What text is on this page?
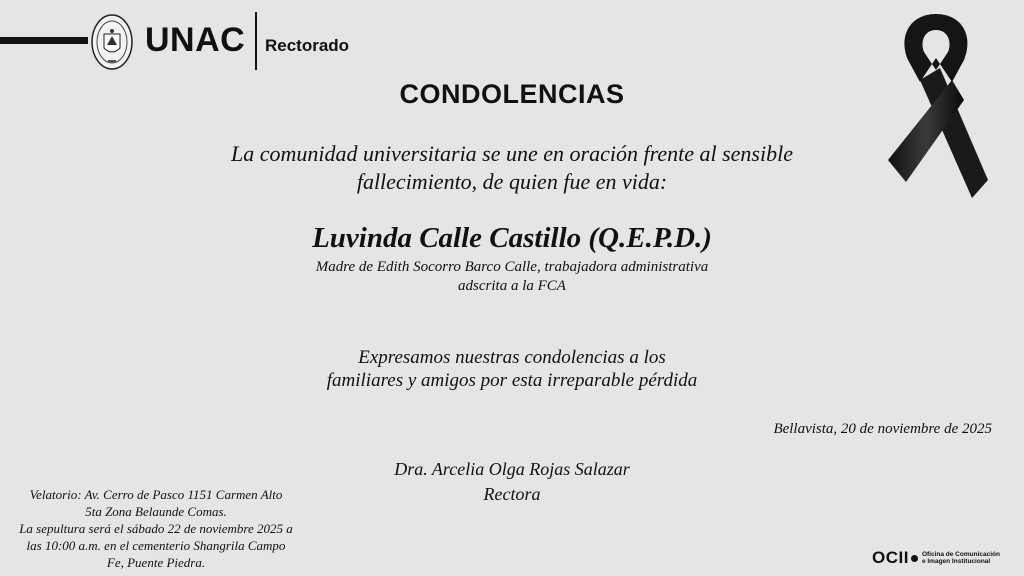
UNAC Rectorado
CONDOLENCIAS
La comunidad universitaria se une en oración frente al sensible
fallecimiento, de quien fue en vida:
Luvinda Calle Castillo (Q.E.P.D.)
Madre de Edith Socorro Barco Calle, trabajadora administrativa
adscrita a la FCA
Expresamos nuestras condolencias a los
familiares y amigos por esta irreparable pérdida
Bellavista, 20 de noviembre de 2025
Dra. Arcelia Olga Rojas Salazar
Rectora
Velatorio: Av. Cerro de Pasco 1151 Carmen Alto
5ta Zona Belaunde Comas.
La sepultura será el sábado 22 de noviembre 2025 a
las 10:00 a.m. en el cementerio Shangrila Campo
Fe, Puente Piedra.	OCII Oficina de Comunicación
e Imagen Institucional
